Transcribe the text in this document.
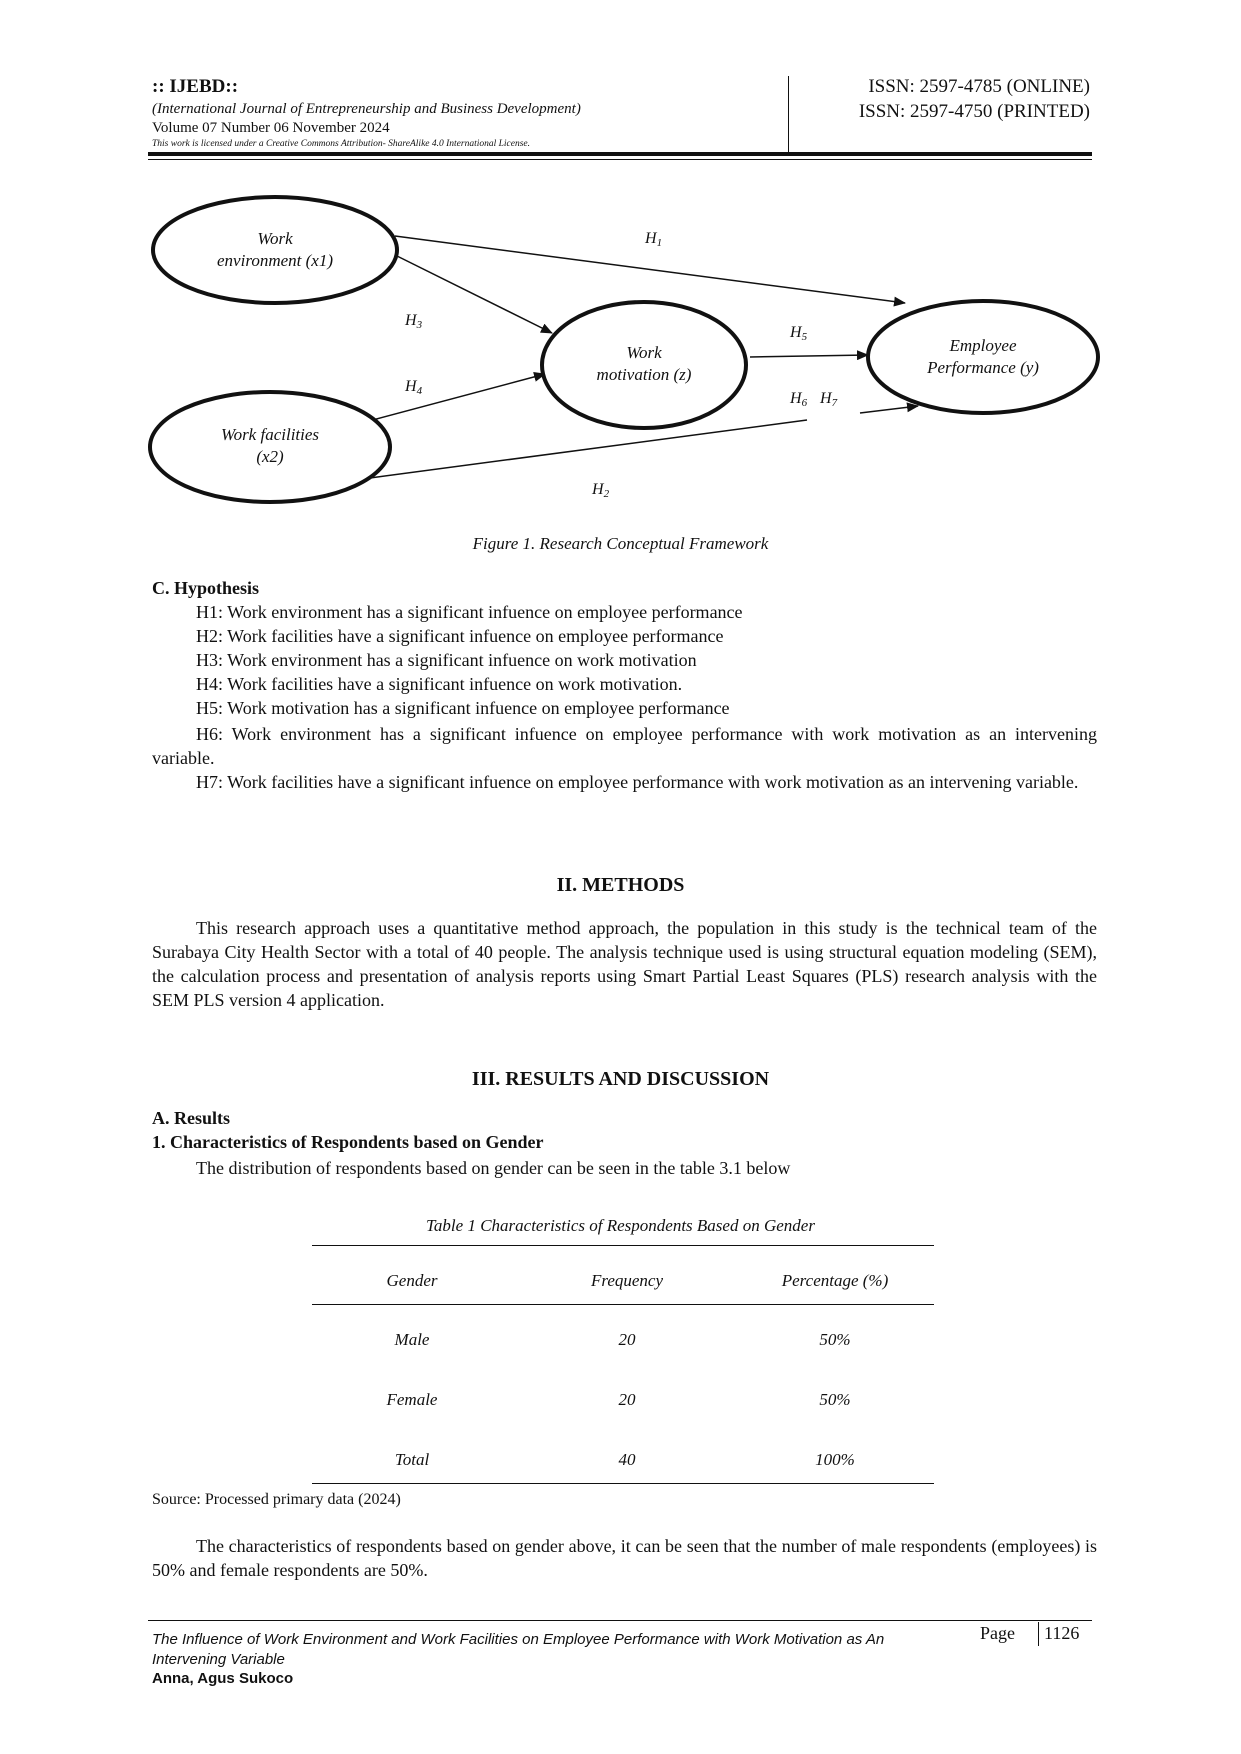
:: IJEBD::
(International Journal of Entrepreneurship and Business Development)
Volume 07 Number 06 November 2024
This work is licensed under a Creative Commons Attribution- ShareAlike 4.0 International License.
ISSN: 2597-4785 (ONLINE)
ISSN: 2597-4750 (PRINTED)
Work
environment (x1)
Work facilities
(x2)
Work
motivation (z)
Employee
Performance (y)
H1
H3
H4
H5
H6 H7
H2
Figure 1. Research Conceptual Framework
C. Hypothesis
H1: Work environment has a significant infuence on employee performance
H2: Work facilities have a significant infuence on employee performance
H3: Work environment has a significant infuence on work motivation
H4: Work facilities have a significant infuence on work motivation.
H5: Work motivation has a significant infuence on employee performance
H6: Work environment has a significant infuence on employee performance with work motivation as an intervening variable.
H7: Work facilities have a significant infuence on employee performance with work motivation as an intervening variable.
II. METHODS
This research approach uses a quantitative method approach, the population in this study is the technical team of the Surabaya City Health Sector with a total of 40 people. The analysis technique used is using structural equation modeling (SEM), the calculation process and presentation of analysis reports using Smart Partial Least Squares (PLS) research analysis with the SEM PLS version 4 application.
III. RESULTS AND DISCUSSION
A. Results
1. Characteristics of Respondents based on Gender
The distribution of respondents based on gender can be seen in the table 3.1 below
Table 1 Characteristics of Respondents Based on Gender
Gender	Frequency	Percentage (%)
Male	20	50%
Female	20	50%
Total	40	100%
Source: Processed primary data (2024)
The characteristics of respondents based on gender above, it can be seen that the number of male respondents (employees) is 50% and female respondents are 50%.
The Influence of Work Environment and Work Facilities on Employee Performance with Work Motivation as An Intervening Variable
Anna, Agus Sukoco
Page 1126
